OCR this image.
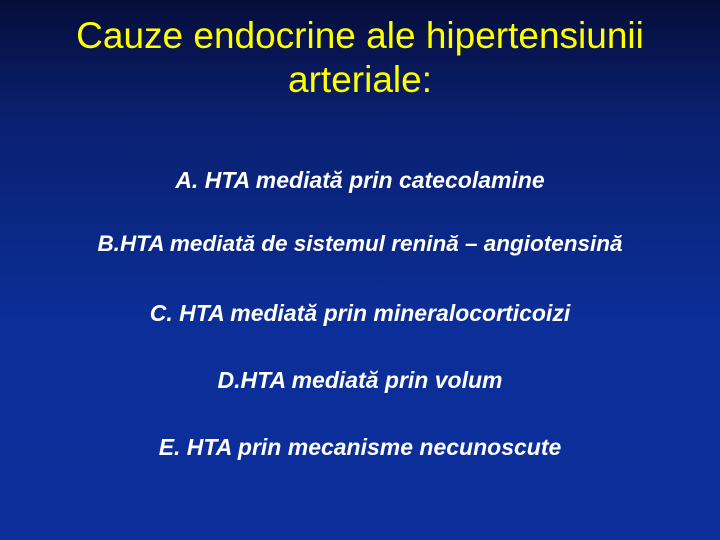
Cauze endocrine ale hipertensiunii
arteriale:
A. HTA mediată prin catecolamine
B.HTA mediată de sistemul renină – angiotensină
C. HTA mediată prin mineralocorticoizi
D.HTA mediată prin volum
E. HTA prin mecanisme necunoscute
